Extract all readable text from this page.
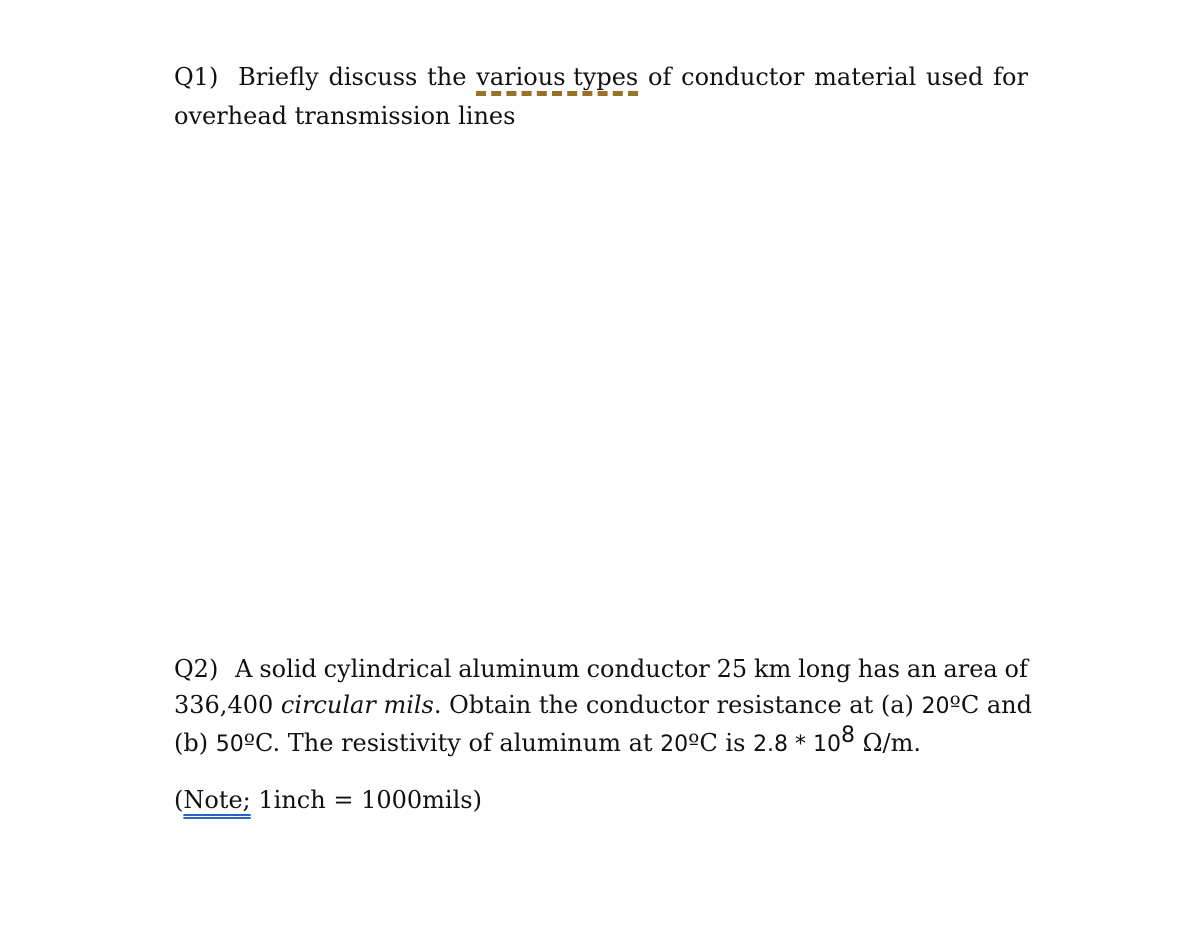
Q1) Briefly discuss the various types of conductor material used for
overhead transmission lines
Q2) A solid cylindrical aluminum conductor 25 km long has an area of
336,400 circular mils. Obtain the conductor resistance at (a) 20ºC and
(b) 50ºC. The resistivity of aluminum at 20ºC is $2.8 * 10^8$ Ω/m.
(Note; 1inch = 1000mils)
